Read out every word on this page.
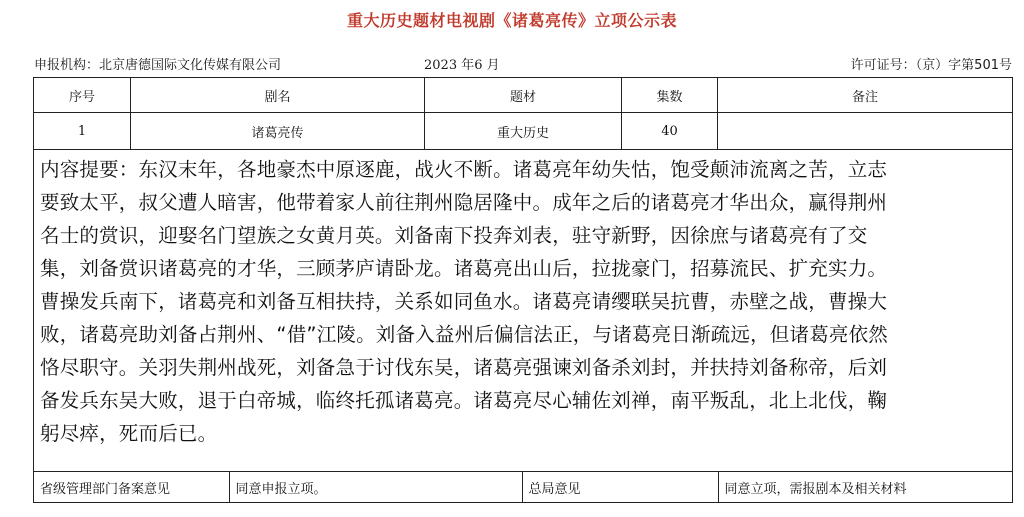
重大历史题材电视剧《诸葛亮传》立项公示表
申报机构：北京唐德国际文化传媒有限公司	2023 年6 月	许可证号：（京）字第501号
序号	剧名	题材	集数	备注
1	诸葛亮传	重大历史	40	

内容提要：东汉末年，各地豪杰中原逐鹿，战火不断。诸葛亮年幼失怙，饱受颠沛流离之苦，立志
要致太平，叔父遭人暗害，他带着家人前往荆州隐居隆中。成年之后的诸葛亮才华出众，赢得荆州
名士的赏识，迎娶名门望族之女黄月英。刘备南下投奔刘表，驻守新野，因徐庶与诸葛亮有了交
集，刘备赏识诸葛亮的才华，三顾茅庐请卧龙。诸葛亮出山后，拉拢豪门，招募流民、扩充实力。
曹操发兵南下，诸葛亮和刘备互相扶持，关系如同鱼水。诸葛亮请缨联吴抗曹，赤壁之战，曹操大
败，诸葛亮助刘备占荆州、“借”江陵。刘备入益州后偏信法正，与诸葛亮日渐疏远，但诸葛亮依然
恪尽职守。关羽失荆州战死，刘备急于讨伐东吴，诸葛亮强谏刘备杀刘封，并扶持刘备称帝，后刘
备发兵东吴大败，退于白帝城，临终托孤诸葛亮。诸葛亮尽心辅佐刘禅，南平叛乱，北上北伐，鞠
躬尽瘁，死而后已。

省级管理部门备案意见	同意申报立项。	总局意见	同意立项，需报剧本及相关材料
